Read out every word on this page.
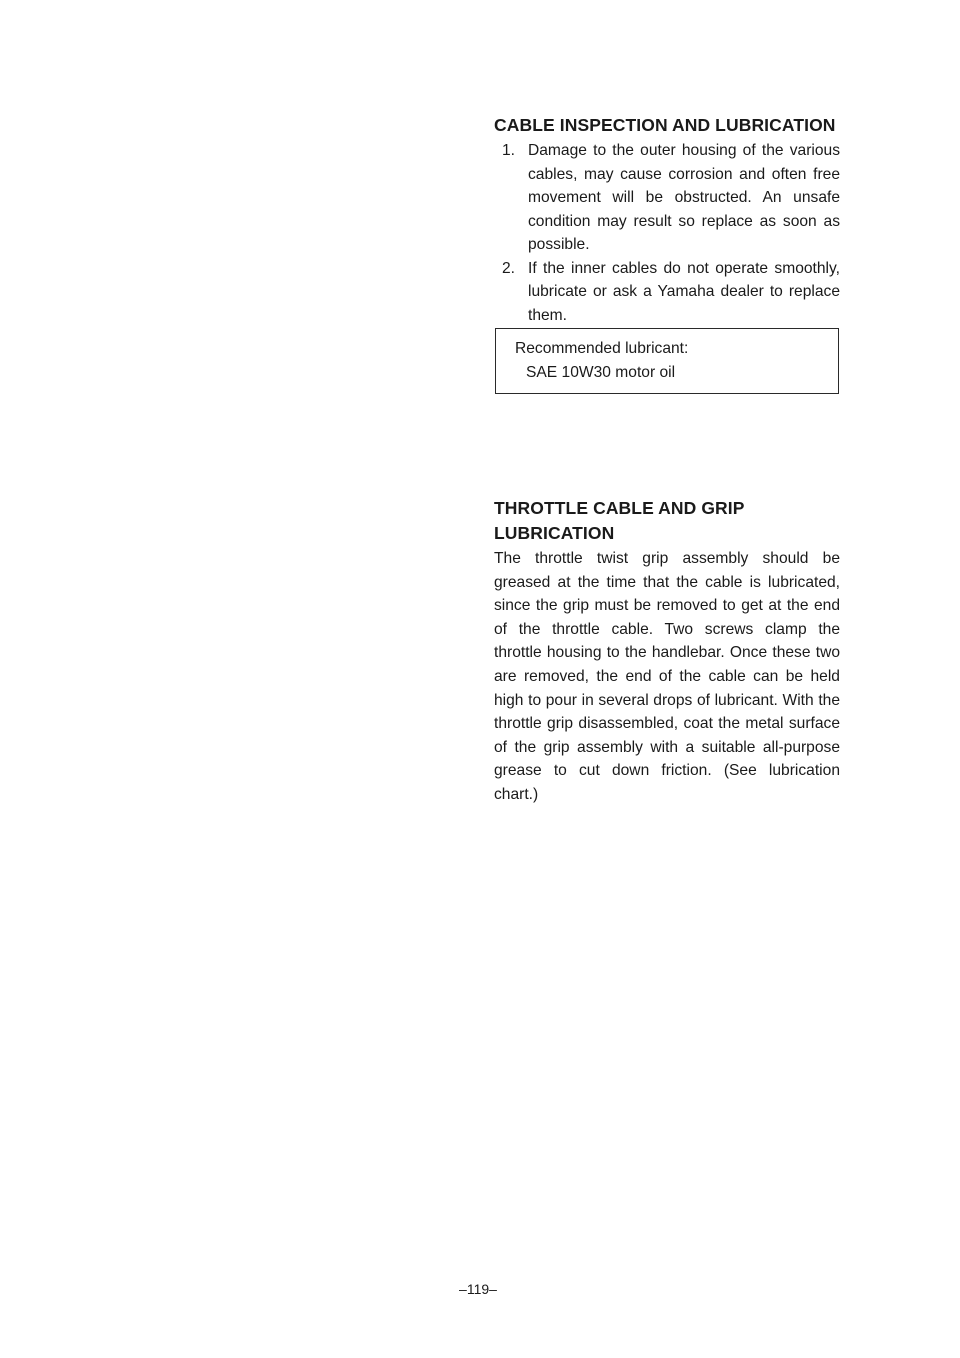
CABLE INSPECTION AND LUBRICATION
1. Damage to the outer housing of the various cables, may cause corrosion and often free movement will be obstructed. An unsafe condition may result so replace as soon as possible.
2. If the inner cables do not operate smoothly, lubricate or ask a Yamaha dealer to replace them.
Recommended lubricant:
SAE 10W30 motor oil
THROTTLE CABLE AND GRIP LUBRICATION

The throttle twist grip assembly should be greased at the time that the cable is lubricated, since the grip must be removed to get at the end of the throttle cable. Two screws clamp the throttle housing to the handlebar. Once these two are removed, the end of the cable can be held high to pour in several drops of lubricant. With the throttle grip disassembled, coat the metal surface of the grip assembly with a suitable all-purpose grease to cut down friction. (See lubrication chart.)

–119–
